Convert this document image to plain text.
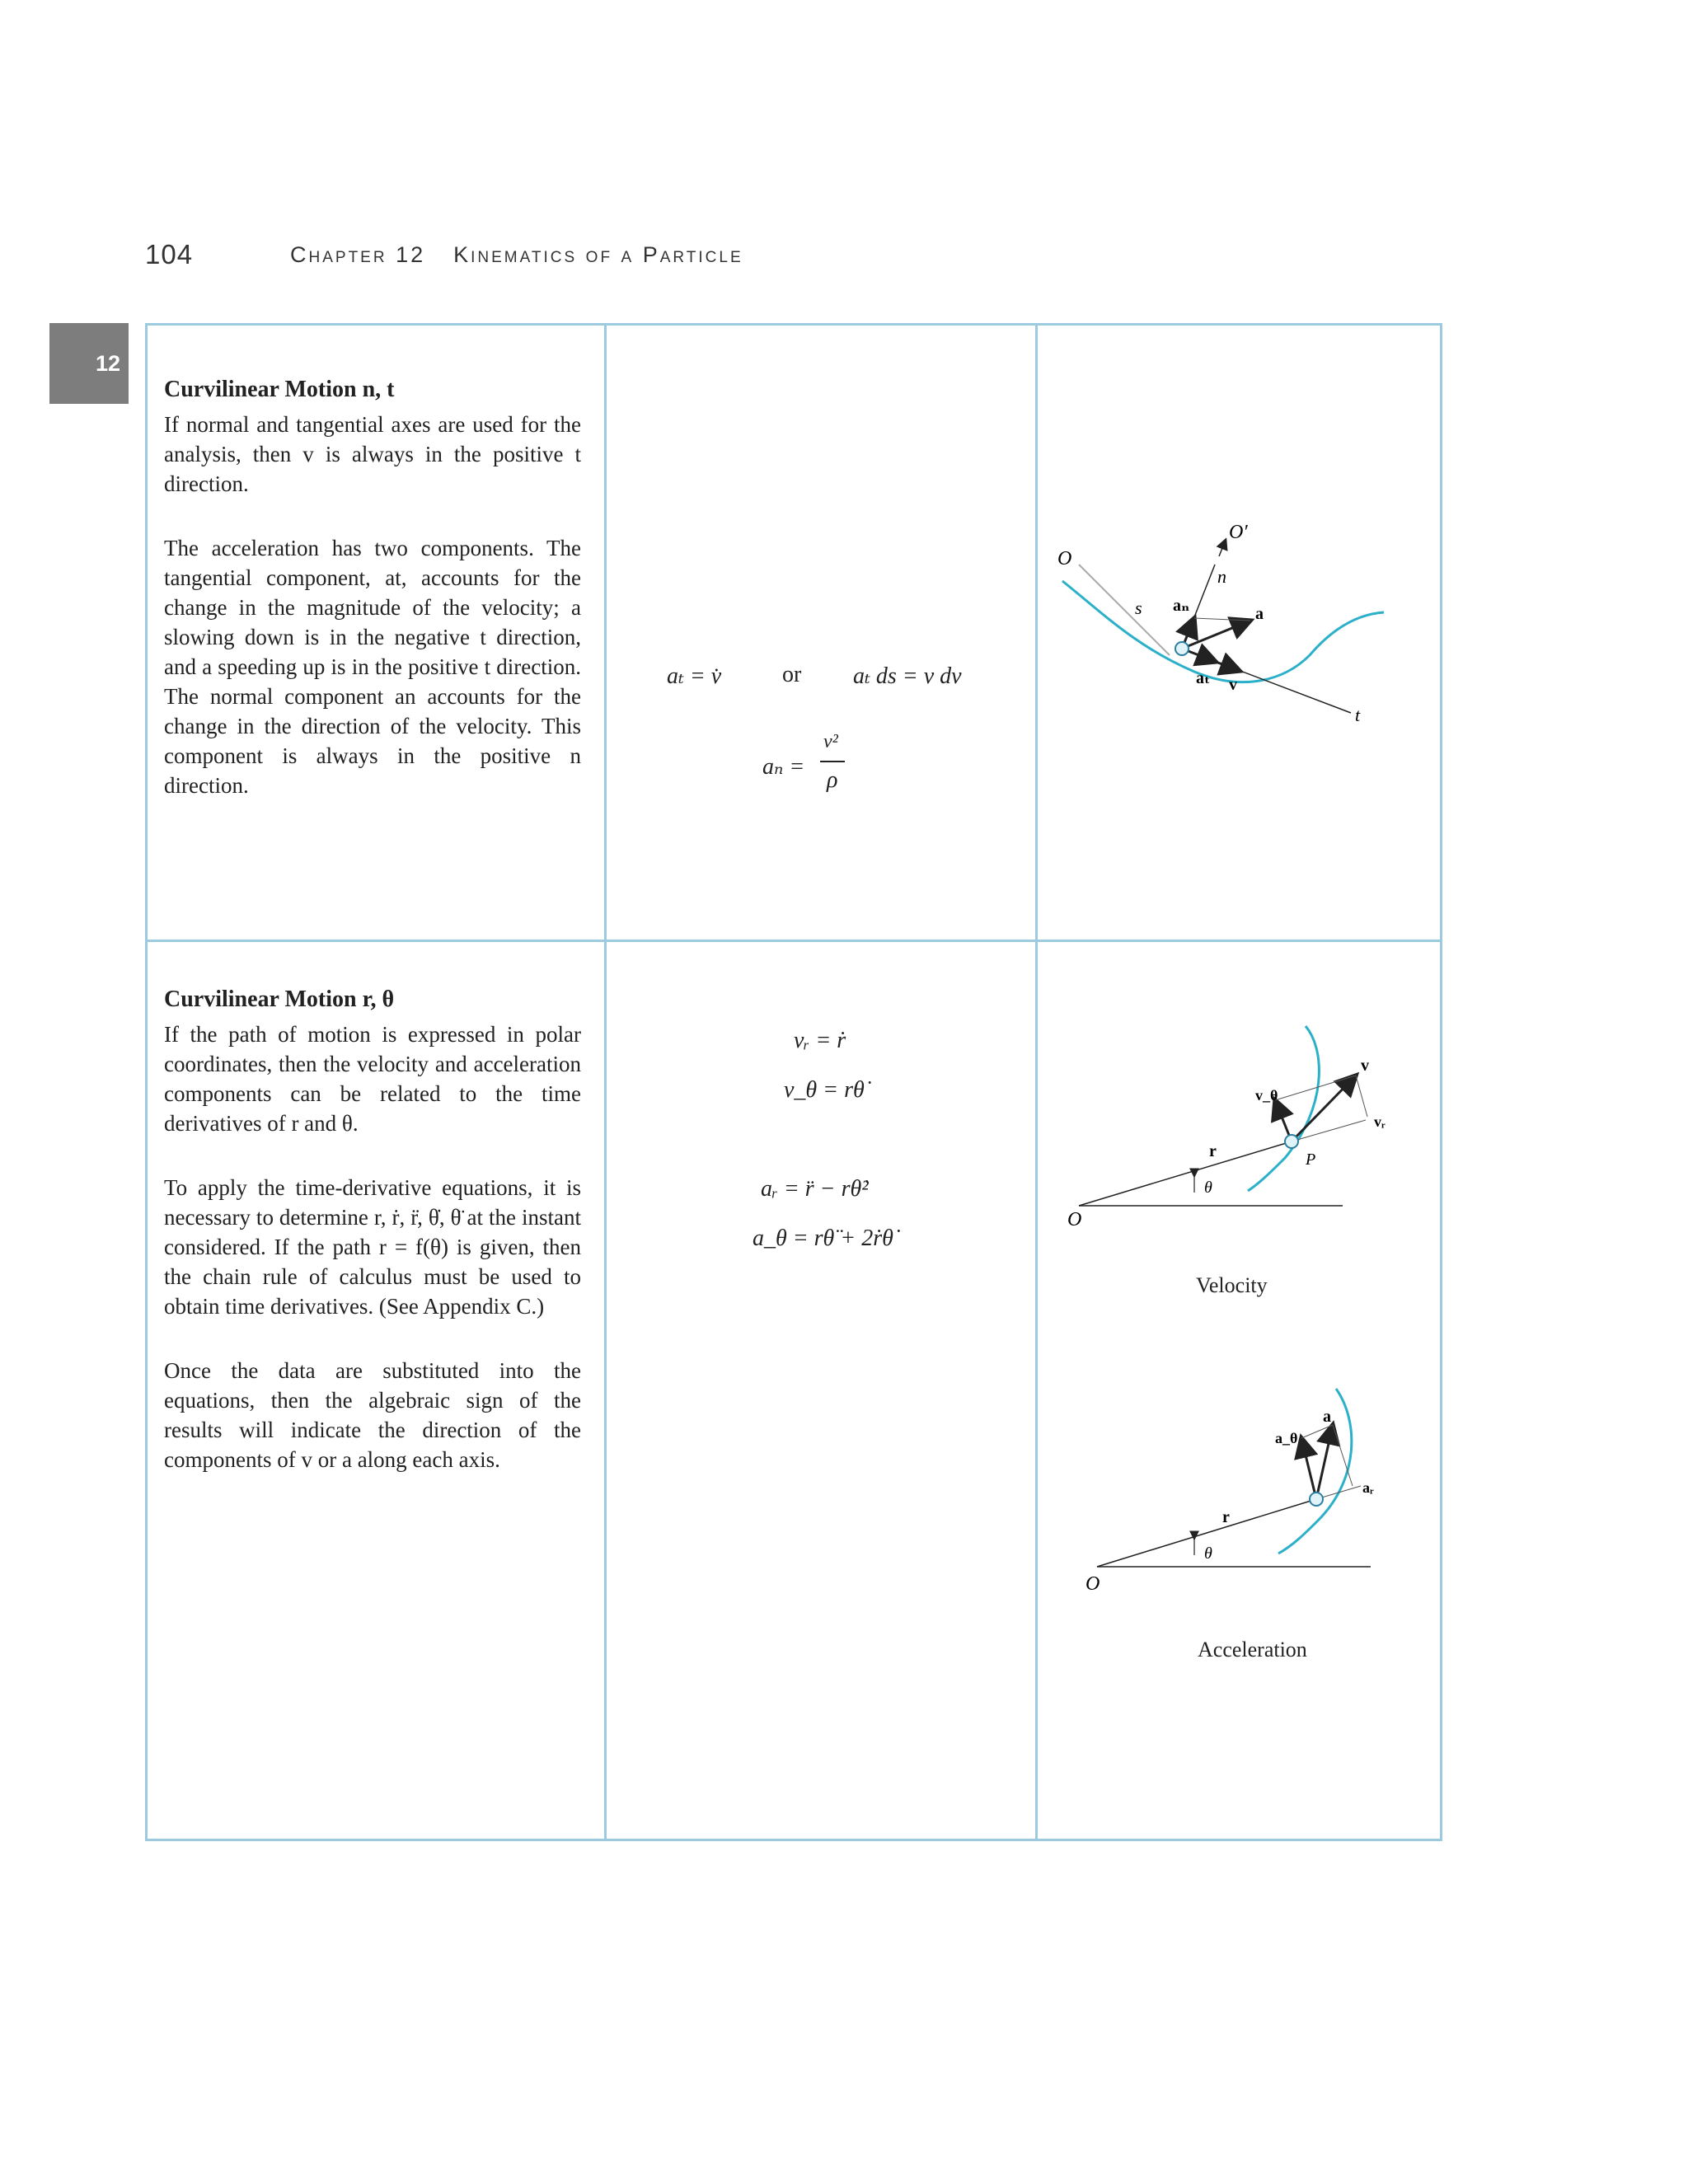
104	Chapter 12 Kinematics of a Particle
12
Curvilinear Motion n, t

If normal and tangential axes are used for the analysis, then v is always in the positive t direction.

The acceleration has two components. The tangential component, at, accounts for the change in the magnitude of the velocity; a slowing down is in the negative t direction, and a speeding up is in the positive t direction. The normal component an accounts for the change in the direction of the velocity. This component is always in the positive n direction.

aₜ = v̇	or aₜ ds = v dv
aₙ =
v²
ρ
O
O′
n
s aₙ	a
aₜ v
t
Curvilinear Motion r, θ

If the path of motion is expressed in polar coordinates, then the velocity and acceleration components can be related to the time derivatives of r and θ.

To apply the time-derivative equations, it is necessary to determine r, ṙ, r̈, θ̇, θ̈ at the instant considered. If the path r = f(θ) is given, then the chain rule of calculus must be used to obtain time derivatives. (See Appendix C.)

Once the data are substituted into the equations, then the algebraic sign of the results will indicate the direction of the components of v or a along each axis.

vᵣ = ṙ
v_θ = rθ̇
aᵣ = r̈ − rθ̇²
a_θ = rθ̈ + 2ṙθ̇
O
θ
r	P
v
v_θ
vᵣ
Velocity
O
θ
r
a
a_θ
aᵣ
Acceleration
